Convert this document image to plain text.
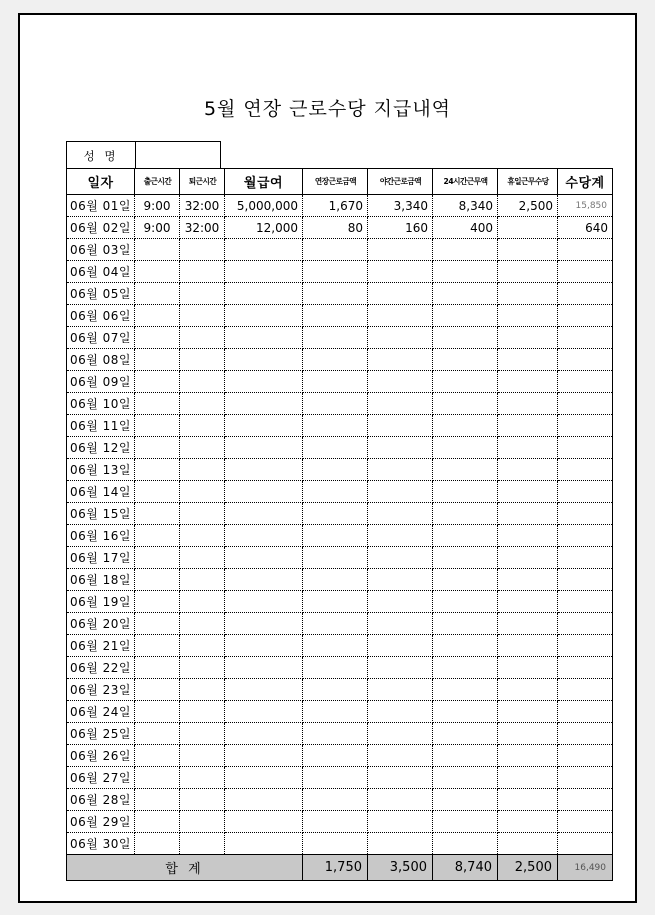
5월 연장 근로수당 지급내역
성 명	
일자	출근시간	퇴근시간	월급여	연장근로금액	야간근로금액	24시간근무액	휴일근무수당	수당계
06월 01일	9:00	32:00	5,000,000	1,670	3,340	8,340	2,500	15,850
06월 02일	9:00	32:00	12,000	80	160	400		640
06월 03일								
06월 04일								
06월 05일								
06월 06일								
06월 07일								
06월 08일								
06월 09일								
06월 10일								
06월 11일								
06월 12일								
06월 13일								
06월 14일								
06월 15일								
06월 16일								
06월 17일								
06월 18일								
06월 19일								
06월 20일								
06월 21일								
06월 22일								
06월 23일								
06월 24일								
06월 25일								
06월 26일								
06월 27일								
06월 28일								
06월 29일								
06월 30일								
합 계				1,750	3,500	8,740	2,500	16,490
